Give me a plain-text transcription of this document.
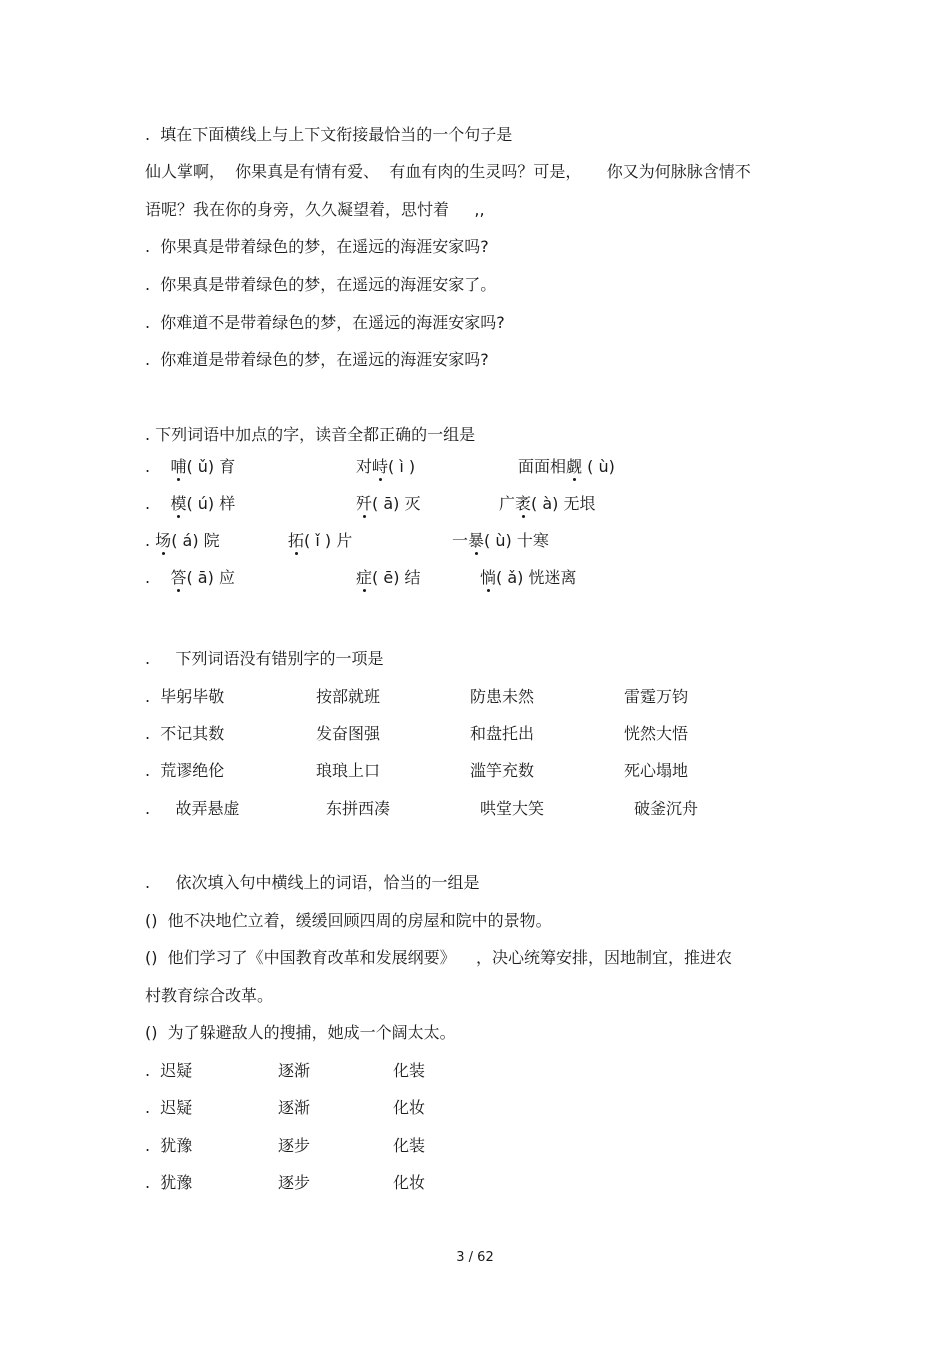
.  填在下面横线上与上下文衔接最恰当的一个句子是
仙人掌啊，  你果真是有情有爱、  有血有肉的生灵吗？可是，     你又为何脉脉含情不
语呢？我在你的身旁，久久凝望着，思忖着     ,,
.  你果真是带着绿色的梦，在遥远的海涯安家吗?
.  你果真是带着绿色的梦，在遥远的海涯安家了。
.  你难道不是带着绿色的梦，在遥远的海涯安家吗?
.  你难道是带着绿色的梦，在遥远的海涯安家吗?
. 下列词语中加点的字，读音全都正确的一组是
.    哺( ǔ) 育	对峙( ì )	面面相觑 ( ù)
.    模( ú) 样	歼( ā) 灭	广袤( à) 无垠
. 场( á) 院	拓( ǐ ) 片	一暴( ù) 十寒
.    答( ā) 应	症( ē) 结	惝( ǎ) 恍迷离
.     下列词语没有错别字的一项是
.  毕躬毕敬	按部就班	防患未然	雷霆万钧
.  不记其数	发奋图强	和盘托出	恍然大悟
.  荒谬绝伦	琅琅上口	滥竽充数	死心塌地
.     故弄悬虚	东拼西凑	哄堂大笑	破釜沉舟
.     依次填入句中横线上的词语，恰当的一组是
()  他不决地伫立着，缓缓回顾四周的房屋和院中的景物。
()  他们学习了《中国教育改革和发展纲要》    ，决心统筹安排，因地制宜，推进农
村教育综合改革。
()  为了躲避敌人的搜捕，她成一个阔太太。
.  迟疑	逐渐	化装
.  迟疑	逐渐	化妆
.  犹豫	逐步	化装
.  犹豫	逐步	化妆
3 / 62
